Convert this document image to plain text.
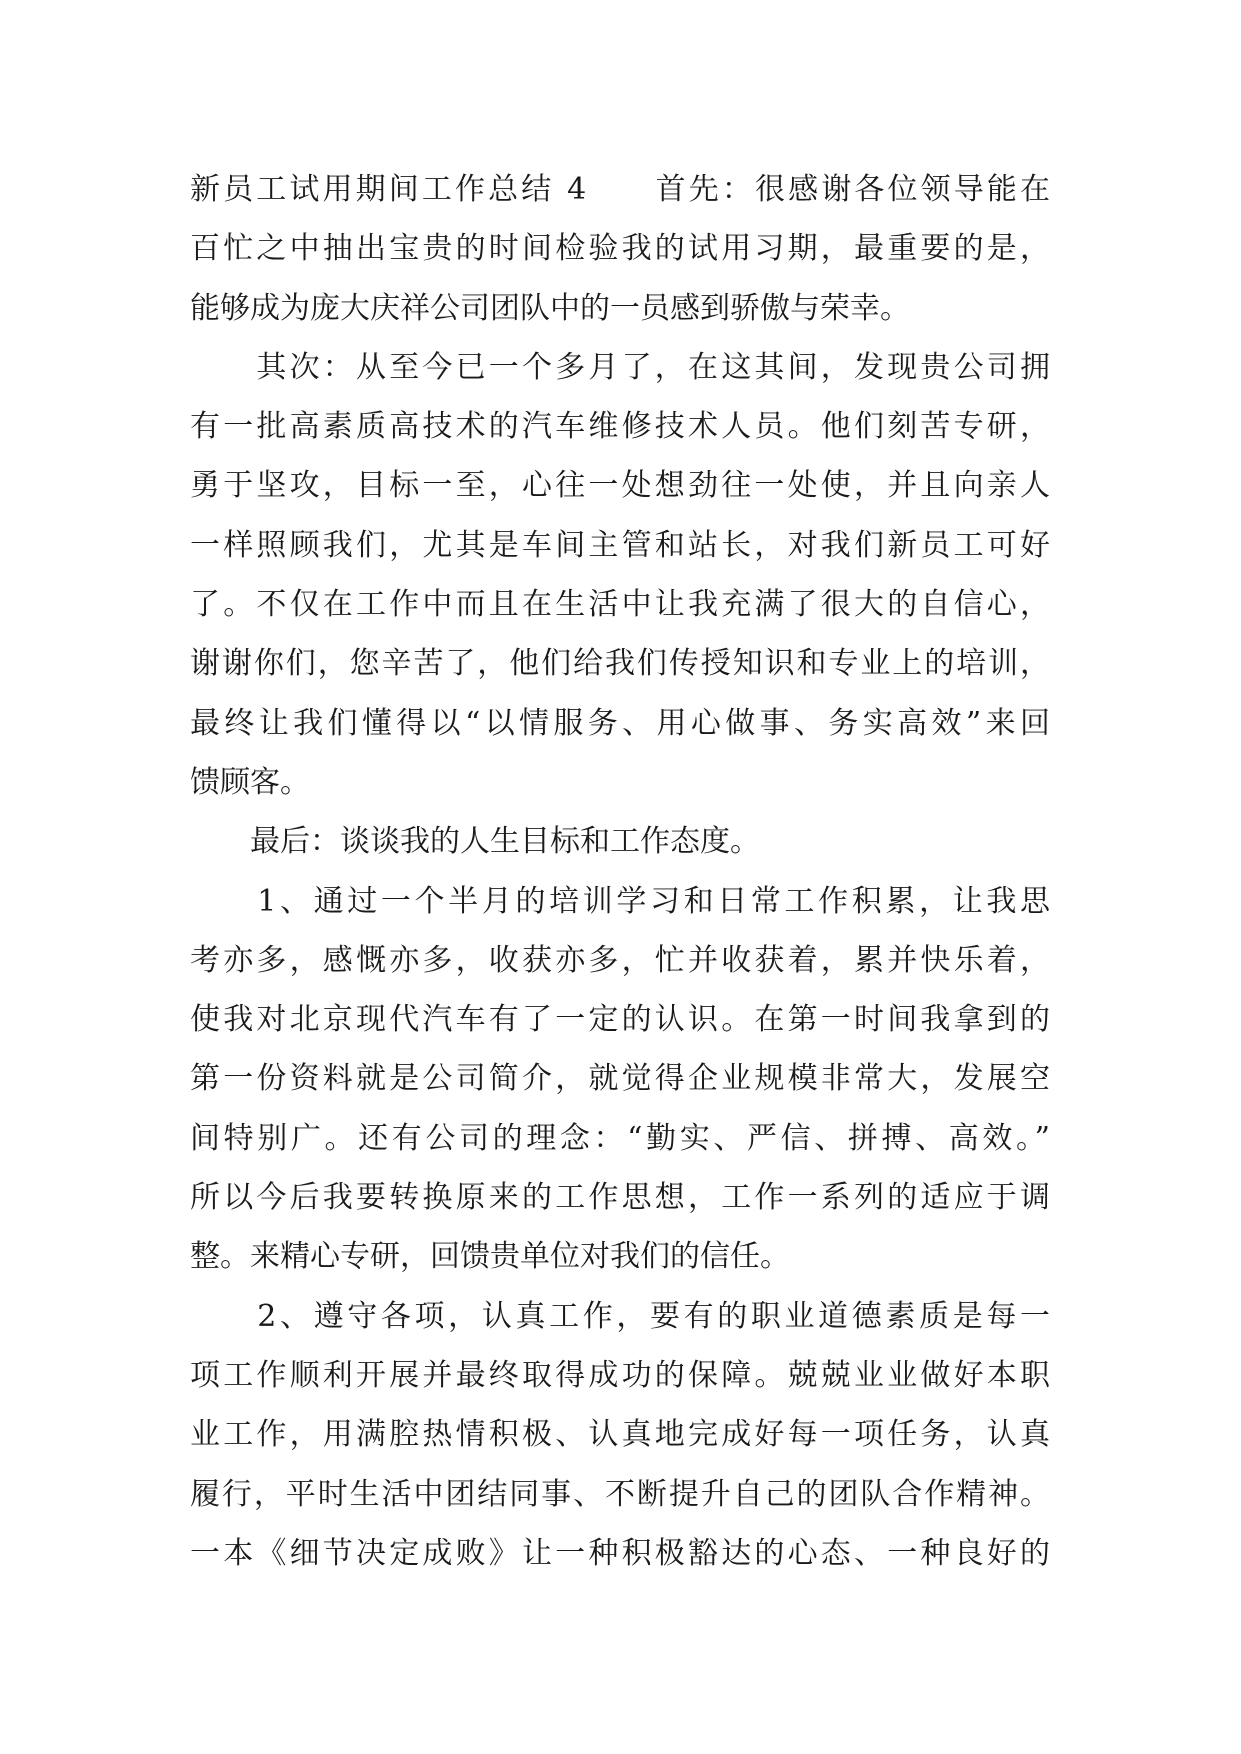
新员工试用期间工作总结 4　　首先：很感谢各位领导能在
百忙之中抽出宝贵的时间检验我的试用习期，最重要的是，
能够成为庞大庆祥公司团队中的一员感到骄傲与荣幸。
　　其次：从至今已一个多月了，在这其间，发现贵公司拥
有一批高素质高技术的汽车维修技术人员。他们刻苦专研，
勇于坚攻，目标一至，心往一处想劲往一处使，并且向亲人
一样照顾我们，尤其是车间主管和站长，对我们新员工可好
了。不仅在工作中而且在生活中让我充满了很大的自信心，
谢谢你们，您辛苦了，他们给我们传授知识和专业上的培训，
最终让我们懂得以“以情服务、用心做事、务实高效”来回
馈顾客。
　　最后：谈谈我的人生目标和工作态度。
　　1、通过一个半月的培训学习和日常工作积累，让我思
考亦多，感慨亦多，收获亦多，忙并收获着，累并快乐着，
使我对北京现代汽车有了一定的认识。在第一时间我拿到的
第一份资料就是公司简介，就觉得企业规模非常大，发展空
间特别广。还有公司的理念：“勤实、严信、拼搏、高效。”
所以今后我要转换原来的工作思想，工作一系列的适应于调
整。来精心专研，回馈贵单位对我们的信任。
　　2、遵守各项，认真工作，要有的职业道德素质是每一
项工作顺利开展并最终取得成功的保障。兢兢业业做好本职
业工作，用满腔热情积极、认真地完成好每一项任务，认真
履行，平时生活中团结同事、不断提升自己的团队合作精神。
一本《细节决定成败》让一种积极豁达的心态、一种良好的
